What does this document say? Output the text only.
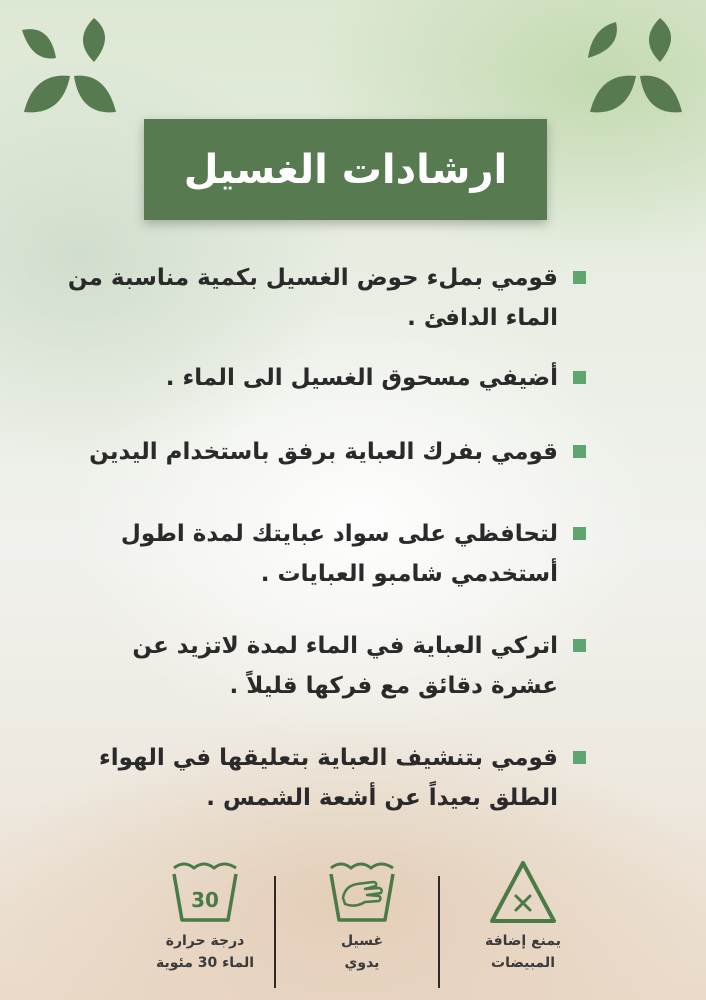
ارشادات الغسيل
قومي بملء حوض الغسيل بكمية مناسبة من الماء الدافئ .
أضيفي مسحوق الغسيل الى الماء .
قومي بفرك العباية برفق باستخدام اليدين
لتحافظي على سواد عبايتك لمدة اطول أستخدمي شامبو العبايات .
اتركي العباية في الماء لمدة لاتزيد عن عشرة دقائق مع فركها قليلاً .
قومي بتنشيف العباية بتعليقها في الهواء الطلق بعيداً عن أشعة الشمس .
30
درجة حرارة
الماء 30 مئوية
غسيل
يدوي
يمنع إضافة
المبيضات
